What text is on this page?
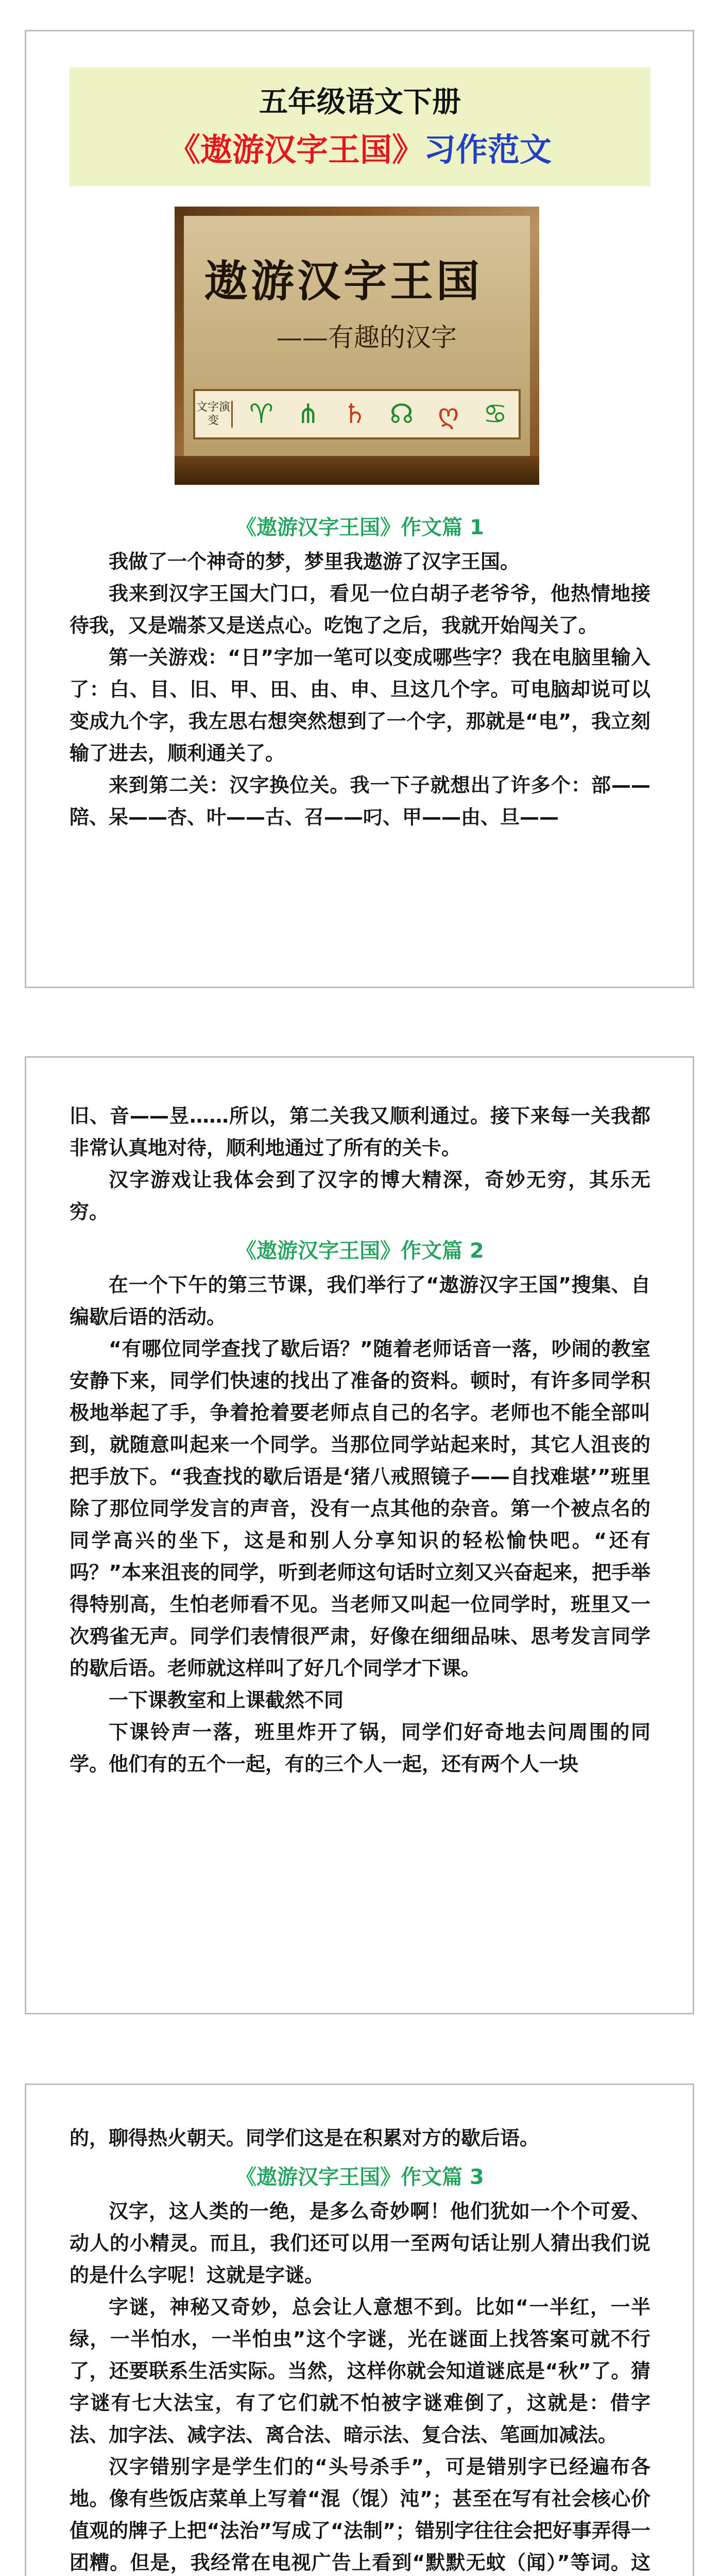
五年级语文下册
《遨游汉字王国》习作范文
遨游汉字王国
——有趣的汉字
文字演变	♈ ⋔ ♄ ☊ ღ ♋
《遨游汉字王国》作文篇 1

我做了一个神奇的梦，梦里我遨游了汉字王国。

我来到汉字王国大门口，看见一位白胡子老爷爷，他热情地接待我，又是端茶又是送点心。吃饱了之后，我就开始闯关了。

第一关游戏：“日”字加一笔可以变成哪些字？我在电脑里输入了：白、目、旧、甲、田、由、申、旦这几个字。可电脑却说可以变成九个字，我左思右想突然想到了一个字，那就是“电”，我立刻输了进去，顺利通关了。

来到第二关：汉字换位关。我一下子就想出了许多个：部——陪、呆——杏、叶——古、召——叼、甲——由、旦——

旧、音——昱……所以，第二关我又顺利通过。接下来每一关我都非常认真地对待，顺利地通过了所有的关卡。

汉字游戏让我体会到了汉字的博大精深，奇妙无穷，其乐无穷。

《遨游汉字王国》作文篇 2

在一个下午的第三节课，我们举行了“遨游汉字王国”搜集、自编歇后语的活动。

“有哪位同学查找了歇后语？”随着老师话音一落，吵闹的教室安静下来，同学们快速的找出了准备的资料。顿时，有许多同学积极地举起了手，争着抢着要老师点自己的名字。老师也不能全部叫到，就随意叫起来一个同学。当那位同学站起来时，其它人沮丧的把手放下。“我查找的歇后语是‘猪八戒照镜子——自找难堪’”班里除了那位同学发言的声音，没有一点其他的杂音。第一个被点名的同学高兴的坐下，这是和别人分享知识的轻松愉快吧。“还有吗？”本来沮丧的同学，听到老师这句话时立刻又兴奋起来，把手举得特别高，生怕老师看不见。当老师又叫起一位同学时，班里又一次鸦雀无声。同学们表情很严肃，好像在细细品味、思考发言同学的歇后语。老师就这样叫了好几个同学才下课。

一下课教室和上课截然不同

下课铃声一落，班里炸开了锅，同学们好奇地去问周围的同学。他们有的五个一起，有的三个人一起，还有两个人一块

的，聊得热火朝天。同学们这是在积累对方的歇后语。

《遨游汉字王国》作文篇 3

汉字，这人类的一绝，是多么奇妙啊！他们犹如一个个可爱、动人的小精灵。而且，我们还可以用一至两句话让别人猜出我们说的是什么字呢！这就是字谜。

字谜，神秘又奇妙，总会让人意想不到。比如“一半红，一半绿，一半怕水，一半怕虫”这个字谜，光在谜面上找答案可就不行了，还要联系生活实际。当然，这样你就会知道谜底是“秋”了。猜字谜有七大法宝，有了它们就不怕被字谜难倒了，这就是：借字法、加字法、减字法、离合法、暗示法、复合法、笔画加减法。

汉字错别字是学生们的“头号杀手”，可是错别字已经遍布各地。像有些饭店菜单上写着“混（馄）沌”；甚至在写有社会核心价值观的牌子上把“法治”写成了“法制”；错别字往往会把好事弄得一团糟。但是，我经常在电视广告上看到“默默无蚊（闻）”等词。这
